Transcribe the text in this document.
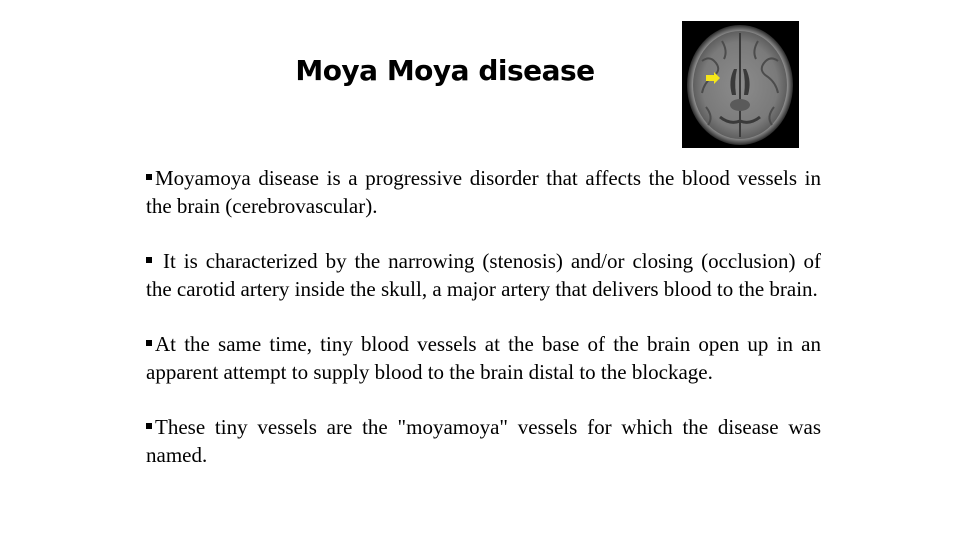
Moya Moya disease

Moyamoya disease is a progressive disorder that affects the blood vessels in the brain (cerebrovascular).

It is characterized by the narrowing (stenosis) and/or closing (occlusion) of the carotid artery inside the skull, a major artery that delivers blood to the brain.

At the same time, tiny blood vessels at the base of the brain open up in an apparent attempt to supply blood to the brain distal to the blockage.

These tiny vessels are the "moyamoya" vessels for which the disease was named.
